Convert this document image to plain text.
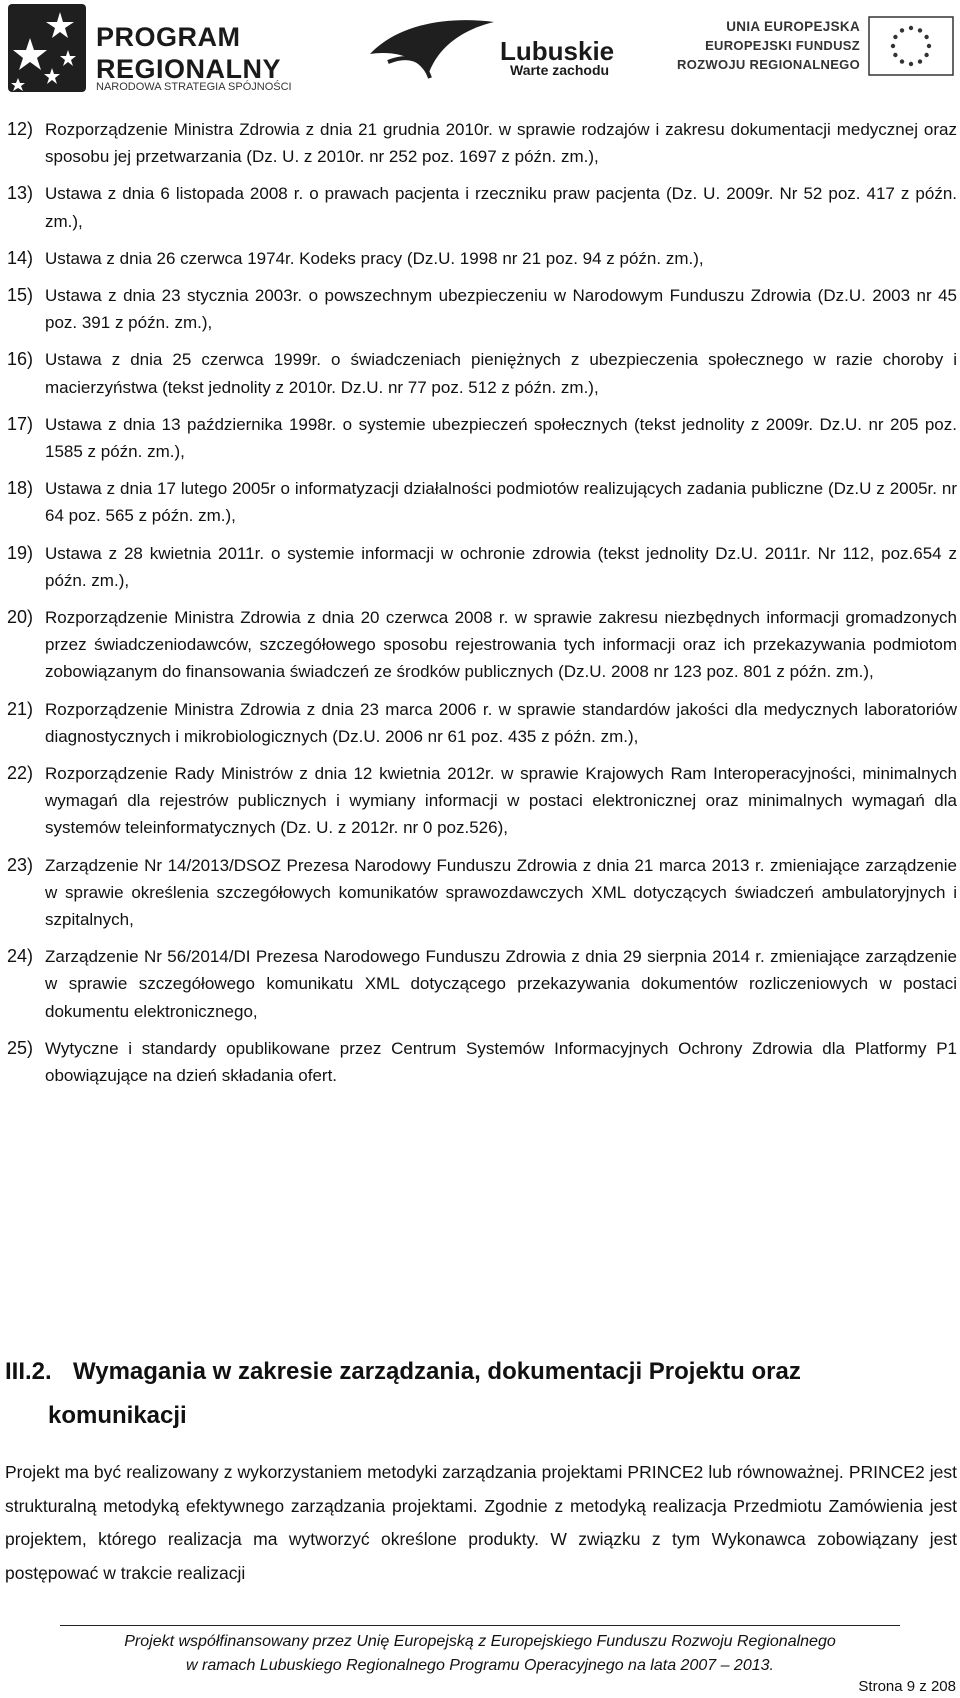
PROGRAM
REGIONALNY
NARODOWA STRATEGIA SPÓJNOŚCI
Lubuskie
Warte zachodu
UNIA EUROPEJSKA
EUROPEJSKI FUNDUSZ
ROZWOJU REGIONALNEGO
12) Rozporządzenie Ministra Zdrowia z dnia 21 grudnia 2010r. w sprawie rodzajów i zakresu dokumentacji medycznej oraz sposobu jej przetwarzania (Dz. U. z 2010r. nr 252 poz. 1697 z późn. zm.),
13) Ustawa z dnia 6 listopada 2008 r. o prawach pacjenta i rzeczniku praw pacjenta (Dz. U. 2009r. Nr 52 poz. 417 z późn. zm.),
14) Ustawa z dnia 26 czerwca 1974r. Kodeks pracy (Dz.U. 1998 nr 21 poz. 94 z późn. zm.),
15) Ustawa z dnia 23 stycznia 2003r. o powszechnym ubezpieczeniu w Narodowym Funduszu Zdrowia (Dz.U. 2003 nr 45 poz. 391 z późn. zm.),
16) Ustawa z dnia 25 czerwca 1999r. o świadczeniach pieniężnych z ubezpieczenia społecznego w razie choroby i macierzyństwa (tekst jednolity z 2010r. Dz.U. nr 77 poz. 512 z późn. zm.),
17) Ustawa z dnia 13 października 1998r. o systemie ubezpieczeń społecznych (tekst jednolity z 2009r. Dz.U. nr 205 poz. 1585 z późn. zm.),
18) Ustawa z dnia 17 lutego 2005r o informatyzacji działalności podmiotów realizujących zadania publiczne (Dz.U z 2005r. nr 64 poz. 565 z późn. zm.),
19) Ustawa z 28 kwietnia 2011r. o systemie informacji w ochronie zdrowia (tekst jednolity Dz.U. 2011r. Nr 112, poz.654 z późn. zm.),
20) Rozporządzenie Ministra Zdrowia z dnia 20 czerwca 2008 r. w sprawie zakresu niezbędnych informacji gromadzonych przez świadczeniodawców, szczegółowego sposobu rejestrowania tych informacji oraz ich przekazywania podmiotom zobowiązanym do finansowania świadczeń ze środków publicznych (Dz.U. 2008 nr 123 poz. 801 z późn. zm.),
21) Rozporządzenie Ministra Zdrowia z dnia 23 marca 2006 r. w sprawie standardów jakości dla medycznych laboratoriów diagnostycznych i mikrobiologicznych (Dz.U. 2006 nr 61 poz. 435 z późn. zm.),
22) Rozporządzenie Rady Ministrów z dnia 12 kwietnia 2012r. w sprawie Krajowych Ram Interoperacyjności, minimalnych wymagań dla rejestrów publicznych i wymiany informacji w postaci elektronicznej oraz minimalnych wymagań dla systemów teleinformatycznych (Dz. U. z 2012r. nr 0 poz.526),
23) Zarządzenie Nr 14/2013/DSOZ Prezesa Narodowy Funduszu Zdrowia z dnia 21 marca 2013 r. zmieniające zarządzenie w sprawie określenia szczegółowych komunikatów sprawozdawczych XML dotyczących świadczeń ambulatoryjnych i szpitalnych,
24) Zarządzenie Nr 56/2014/DI Prezesa Narodowego Funduszu Zdrowia z dnia 29 sierpnia 2014 r. zmieniające zarządzenie w sprawie szczegółowego komunikatu XML dotyczącego przekazywania dokumentów rozliczeniowych w postaci dokumentu elektronicznego,
25) Wytyczne i standardy opublikowane przez Centrum Systemów Informacyjnych Ochrony Zdrowia dla Platformy P1 obowiązujące na dzień składania ofert.
III.2. Wymagania w zakresie zarządzania, dokumentacji Projektu oraz
komunikacji
Projekt ma być realizowany z wykorzystaniem metodyki zarządzania projektami PRINCE2 lub równoważnej. PRINCE2 jest strukturalną metodyką efektywnego zarządzania projektami. Zgodnie z metodyką realizacja Przedmiotu Zamówienia jest projektem, którego realizacja ma wytworzyć określone produkty. W związku z tym Wykonawca zobowiązany jest postępować w trakcie realizacji
Projekt współfinansowany przez Unię Europejską z Europejskiego Funduszu Rozwoju Regionalnego
w ramach Lubuskiego Regionalnego Programu Operacyjnego na lata 2007 – 2013.
Strona 9 z 208
